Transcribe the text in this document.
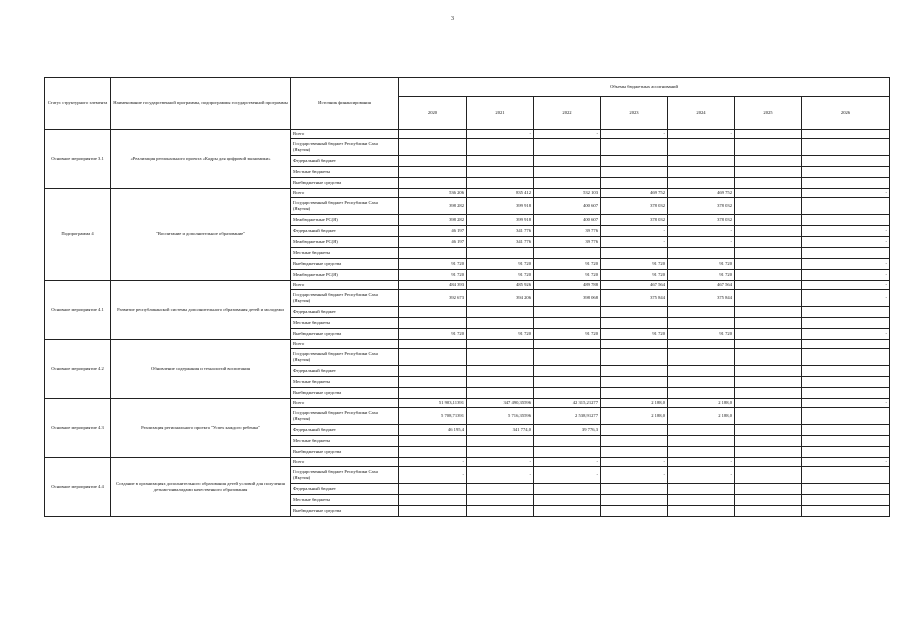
3
Статус структурного элемента	Наименование государственной программы, подпрограммы государственной программы	Источник финансирования	Объемы бюджетных ассигнований						
			2020	2021	2022	2023	2024	2025	2026
Основное мероприятие 3.1	«Реализация регионального проекта «Кадры для цифровой экономики»	Всего		-	-	-	-		
		Государственный бюджет Республики Саха (Якутия)							
		Федеральный бюджет							
		Местные бюджеты							
		Внебюджетные средства							
Подпрограмма 4	"Воспитание и дополнительное образование"	Всего	536 206	835 412	532 103	469 752	469 752		-
		Государственный бюджет Республики Саха (Якутия)	398 282	399 918	400 607	378 032	378 032		
		Межбюджетные РС(Я)	398 282	399 918	400 607	378 032	378 032		
		Федеральный бюджет	46 197	341 776	39 776	-	-		-
		Межбюджетные РС(Я)	46 197	341 776	39 776	-	-		-
		Местные бюджеты							
		Внебюджетные средства	91 720	91 720	91 720	91 720	91 720		-
		Межбюджетные РС(Я)	91 720	91 720	91 720	91 720	91 720		-
Основное мероприятие 4.1	Развитие республиканской системы дополнительного образования детей и молодежи	Всего	484 393	485 926	489 788	467 564	467 564		-
		Государственный бюджет Республики Саха (Якутия)	392 673	394 206	398 068	375 844	375 844		-
		Федеральный бюджет							
		Местные бюджеты							
		Внебюджетные средства	91 720	91 720	91 720	91 720	91 720		-
Основное мероприятие 4.2	Обновление содержания и технологий воспитания	Всего							
		Государственный бюджет Республики Саха (Якутия)							
		Федеральный бюджет							
		Местные бюджеты							
		Внебюджетные средства							
Основное мероприятие 4.3	Реализация регионального проекта "Успех каждого ребенка"	Всего	51 903,11391	347 490,35596	42 315,21277	2 188,0	2 188,0		-
		Государственный бюджет Республики Саха (Якутия)	5 708,71391	5 716,35596	2 538,91277	2 188,0	2 188,0		
		Федеральный бюджет	46 195,4	341 774,0	39 776,3				
		Местные бюджеты							
		Внебюджетные средства							
Основное мероприятие 4.4	Создание в организациях дополнительного образования детей условий для получения детьми-инвалидами качественного образования	Всего	-	-	-	-	-		-
		Государственный бюджет Республики Саха (Якутия)	-	-	-	-	-		
		Федеральный бюджет							
		Местные бюджеты							
		Внебюджетные средства							
